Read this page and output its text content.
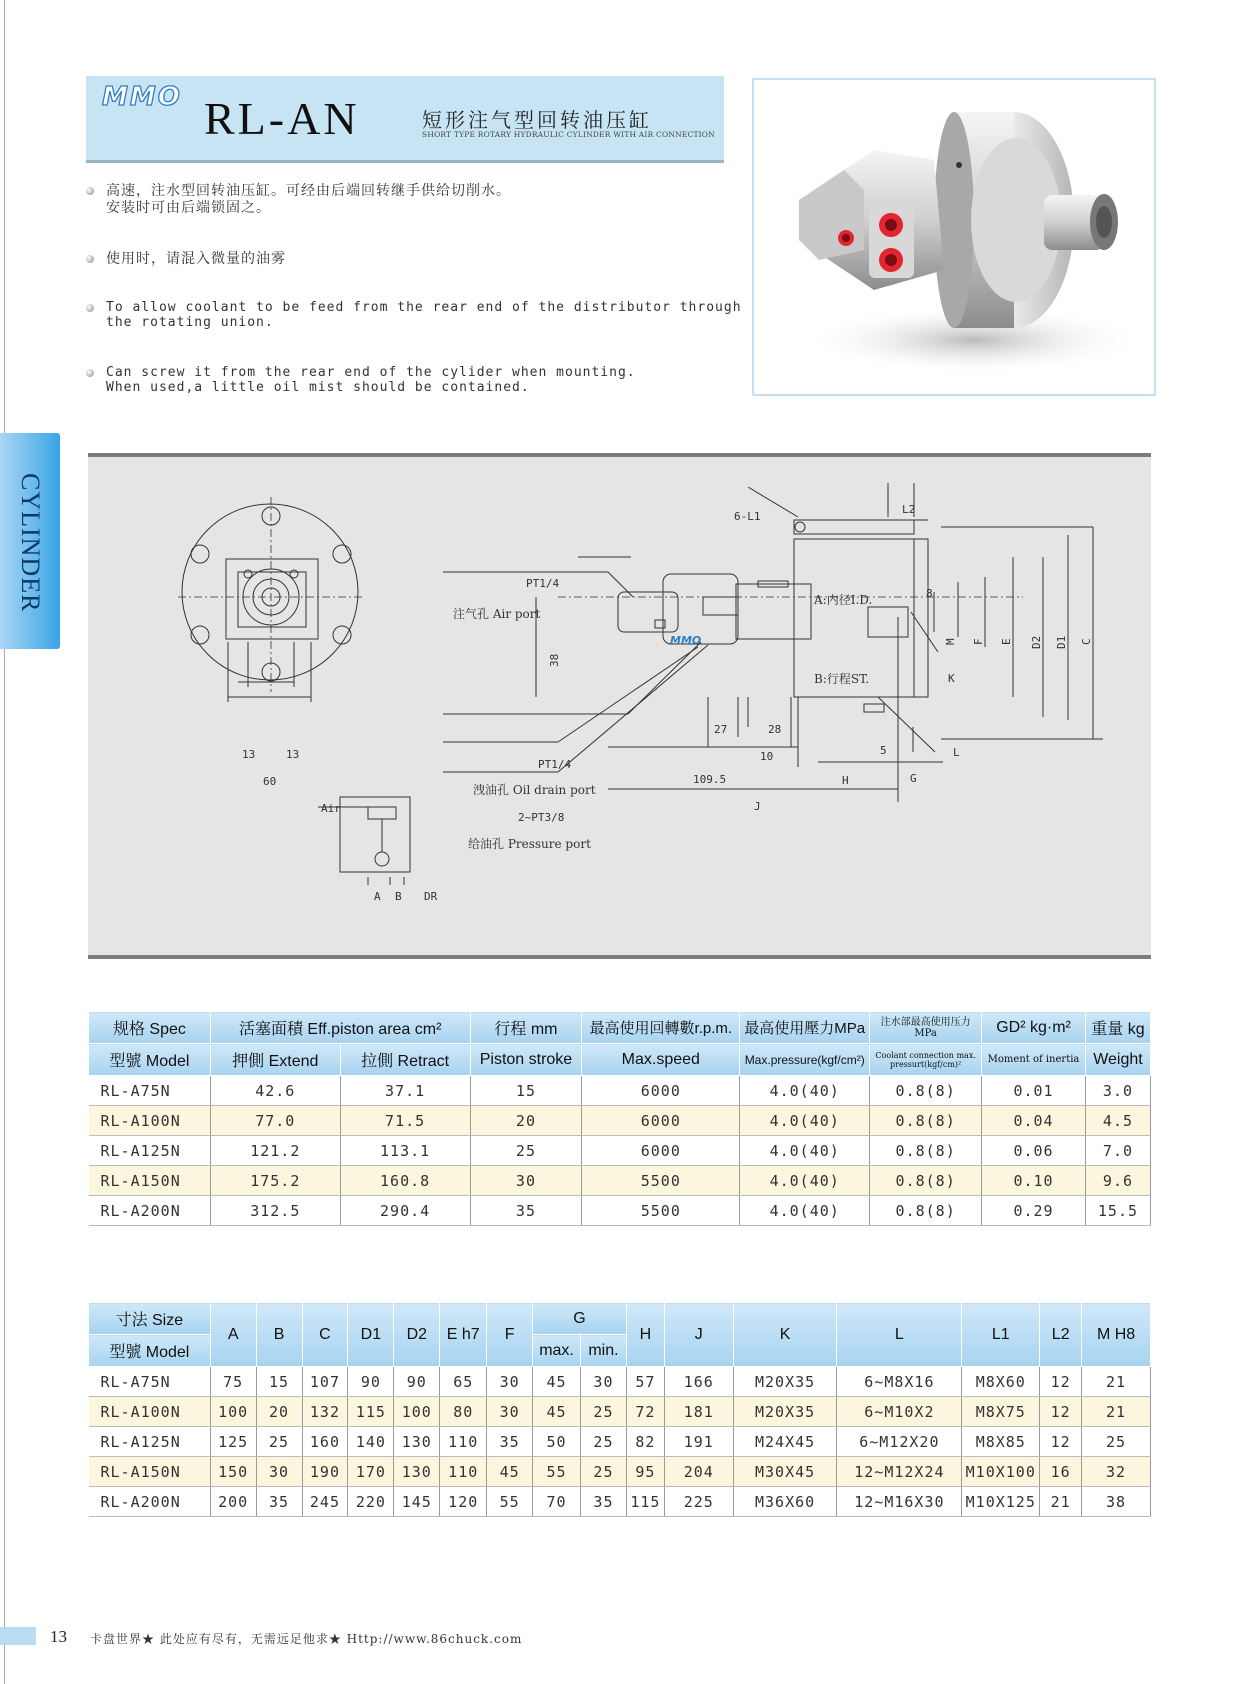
MMO RL-AN	短形注气型回转油压缸
SHORT TYPE ROTARY HYDRAULIC CYLINDER WITH AIR CONNECTION
高速，注水型回转油压缸。可经由后端回转继手供给切削水。
安装时可由后端锁固之。
使用时，请混入微量的油雾
To allow coolant to be feed from the rear end of the distributor through
the rotating union.
Can screw it from the rear end of the cylider when mounting.
When used,a little oil mist should be contained.
CYLINDER	PT1/4
注气孔 Air port
38
13	13
60
Air
A B DR
PT1/4
洩油孔 Oil drain port
2~PT3/8
给油孔 Pressure port
27	28
10
109.5	H	G
J
5	L
K
6-L1
L2
8
M F E D2 D1 C
A:内径I.D.
B:行程ST.
MMO
规格 Spec	活塞面積 Eff.piston area cm²		行程 mm	最高使用回轉數r.p.m.	最高使用壓力MPa	注水部最高使用压力MPa	GD² kg·m²	重量 kg
型號 Model	押側 Extend	拉側 Retract	Piston stroke	Max.speed	Max.pressure(kgf/cm²)	Coolant connection max. pressurt(kgf/cm)²	Moment of inertia	Weight
RL-A75N	42.6	37.1	15	6000	4.0(40)	0.8(8)	0.01	3.0
RL-A100N	77.0	71.5	20	6000	4.0(40)	0.8(8)	0.04	4.5
RL-A125N	121.2	113.1	25	6000	4.0(40)	0.8(8)	0.06	7.0
RL-A150N	175.2	160.8	30	5500	4.0(40)	0.8(8)	0.10	9.6
RL-A200N	312.5	290.4	35	5500	4.0(40)	0.8(8)	0.29	15.5
寸法 Size	A	B	C	D1	D2	E h7	F	G		H	J	K	L	L1	L2	M H8
型號 Model								max.	min.							
RL-A75N	75	15	107	90	90	65	30	45	30	57	166	M20X35	6~M8X16	M8X60	12	21
RL-A100N	100	20	132	115	100	80	30	45	25	72	181	M20X35	6~M10X2	M8X75	12	21
RL-A125N	125	25	160	140	130	110	35	50	25	82	191	M24X45	6~M12X20	M8X85	12	25
RL-A150N	150	30	190	170	130	110	45	55	25	95	204	M30X45	12~M12X24	M10X100	16	32
RL-A200N	200	35	245	220	145	120	55	70	35	115	225	M36X60	12~M16X30	M10X125	21	38
13 卡盘世界★ 此处应有尽有，无需远足他求★ Http://www.86chuck.com
